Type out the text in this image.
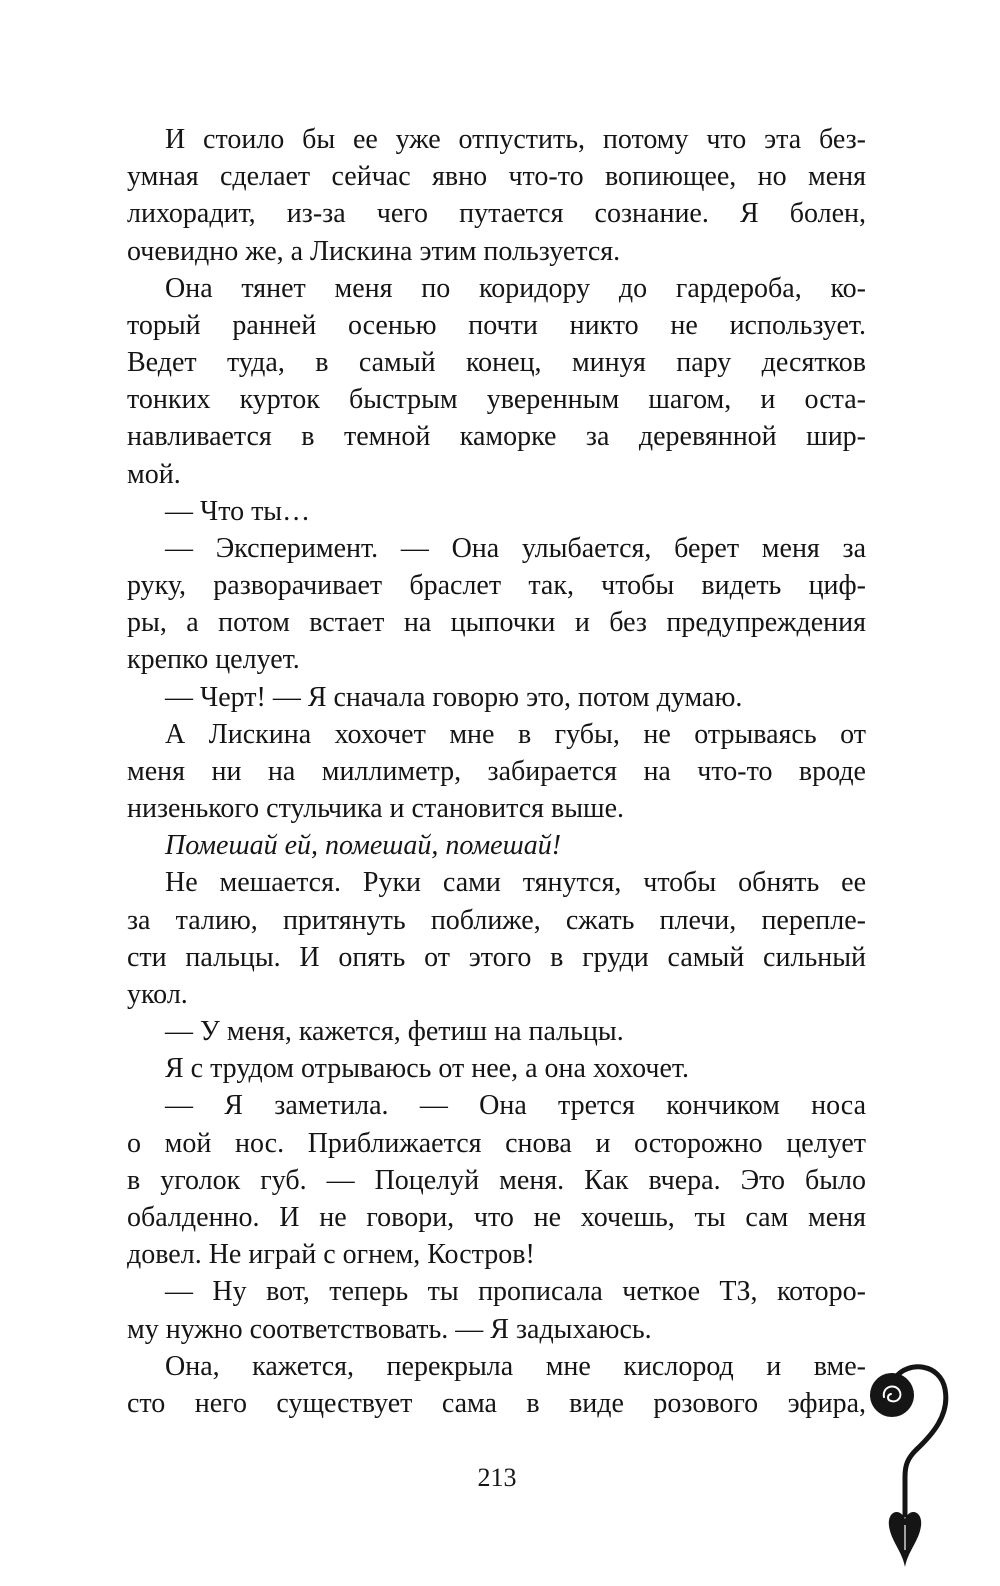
И стоило бы ее уже отпустить, потому что эта без-
умная сделает сейчас явно что-то вопиющее, но меня
лихорадит, из-за чего путается сознание. Я болен,
очевидно же, а Лискина этим пользуется.
Она тянет меня по коридору до гардероба, ко-
торый ранней осенью почти никто не использует.
Ведет туда, в самый конец, минуя пару десятков
тонких курток быстрым уверенным шагом, и оста-
навливается в темной каморке за деревянной шир-
мой.
— Что ты…
— Эксперимент. — Она улыбается, берет меня за
руку, разворачивает браслет так, чтобы видеть циф-
ры, а потом встает на цыпочки и без предупреждения
крепко целует.
— Черт! — Я сначала говорю это, потом думаю.
А Лискина хохочет мне в губы, не отрываясь от
меня ни на миллиметр, забирается на что-то вроде
низенького стульчика и становится выше.
Помешай ей, помешай, помешай!
Не мешается. Руки сами тянутся, чтобы обнять ее
за талию, притянуть поближе, сжать плечи, перепле-
сти пальцы. И опять от этого в груди самый сильный
укол.
— У меня, кажется, фетиш на пальцы.
Я с трудом отрываюсь от нее, а она хохочет.
— Я заметила. — Она трется кончиком носа
о мой нос. Приближается снова и осторожно целует
в уголок губ. — Поцелуй меня. Как вчера. Это было
обалденно. И не говори, что не хочешь, ты сам меня
довел. Не играй с огнем, Костров!
— Ну вот, теперь ты прописала четкое ТЗ, которо-
му нужно соответствовать. — Я задыхаюсь.
Она, кажется, перекрыла мне кислород и вме-
сто него существует сама в виде розового эфира,
213
